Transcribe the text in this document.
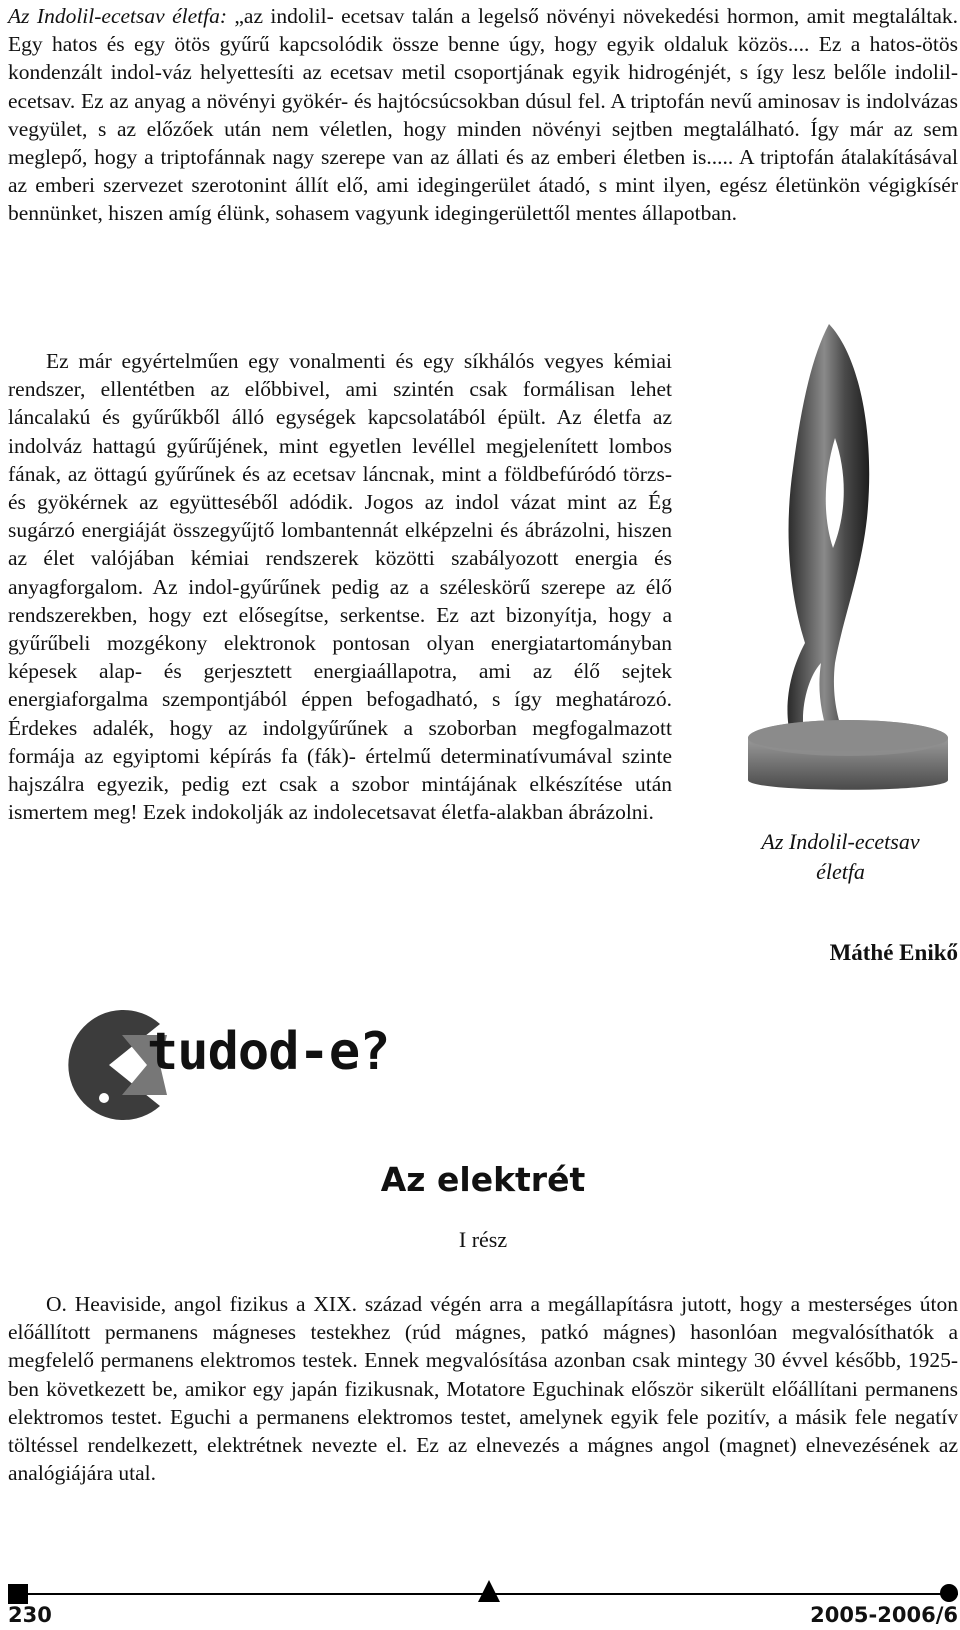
Az Indolil-ecetsav életfa: „az indolil- ecetsav talán a legelső növényi növekedési hormon, amit megtaláltak. Egy hatos és egy ötös gyűrű kapcsolódik össze benne úgy, hogy egyik oldaluk közös.... Ez a hatos-ötös kondenzált indol-váz helyettesíti az ecetsav metil csoportjának egyik hidrogénjét, s így lesz belőle indolil-ecetsav. Ez az anyag a növényi gyökér- és hajtócsúcsokban dúsul fel. A triptofán nevű aminosav is indolvázas vegyület, s az előzőek után nem véletlen, hogy minden növényi sejtben megtalálható. Így már az sem meglepő, hogy a triptofánnak nagy szerepe van az állati és az emberi életben is..... A triptofán átalakításával az emberi szervezet szerotonint állít elő, ami idegingerület átadó, s mint ilyen, egész életünkön végigkísér bennünket, hiszen amíg élünk, sohasem vagyunk idegingerülettől mentes állapotban.

Ez már egyértelműen egy vonalmenti és egy síkhálós vegyes kémiai rendszer, ellentétben az előbbivel, ami szintén csak formálisan lehet láncalakú és gyűrűkből álló egységek kapcsolatából épült. Az életfa az indolváz hattagú gyűrűjének, mint egyetlen levéllel megjelenített lombos fának, az öttagú gyűrűnek és az ecetsav láncnak, mint a földbefúródó törzs- és gyökérnek az együtteséből adódik. Jogos az indol vázat mint az Ég sugárzó energiáját összegyűjtő lombantennát elképzelni és ábrázolni, hiszen az élet valójában kémiai rendszerek közötti szabályozott energia és anyagforgalom. Az indol-gyűrűnek pedig az a széleskörű szerepe az élő rendszerekben, hogy ezt elősegítse, serkentse. Ez azt bizonyítja, hogy a gyűrűbeli mozgékony elektronok pontosan olyan energiatartományban képesek alap- és gerjesztett energiaállapotra, ami az élő sejtek energiaforgalma szempontjából éppen befogadható, s így meghatározó. Érdekes adalék, hogy az indolgyűrűnek a szoborban megfogalmazott formája az egyiptomi képírás fa (fák)- értelmű determinatívumával szinte hajszálra egyezik, pedig ezt csak a szobor mintájának elkészítése után ismertem meg! Ezek indokolják az indolecetsavat életfa-alakban ábrázolni.

Az Indolil-ecetsav
életfa
Máthé Enikő
tudod-e?
Az elektrét
I rész

O. Heaviside, angol fizikus a XIX. század végén arra a megállapításra jutott, hogy a mesterséges úton előállított permanens mágneses testekhez (rúd mágnes, patkó mágnes) hasonlóan megvalósíthatók a megfelelő permanens elektromos testek. Ennek megvalósítása azonban csak mintegy 30 évvel később, 1925-ben következett be, amikor egy japán fizikusnak, Motatore Eguchinak először sikerült előállítani permanens elektromos testet. Eguchi a permanens elektromos testet, amelynek egyik fele pozitív, a másik fele negatív töltéssel rendelkezett, elektrétnek nevezte el. Ez az elnevezés a mágnes angol (magnet) elnevezésének az analógiájára utal.

230	2005-2006/6
